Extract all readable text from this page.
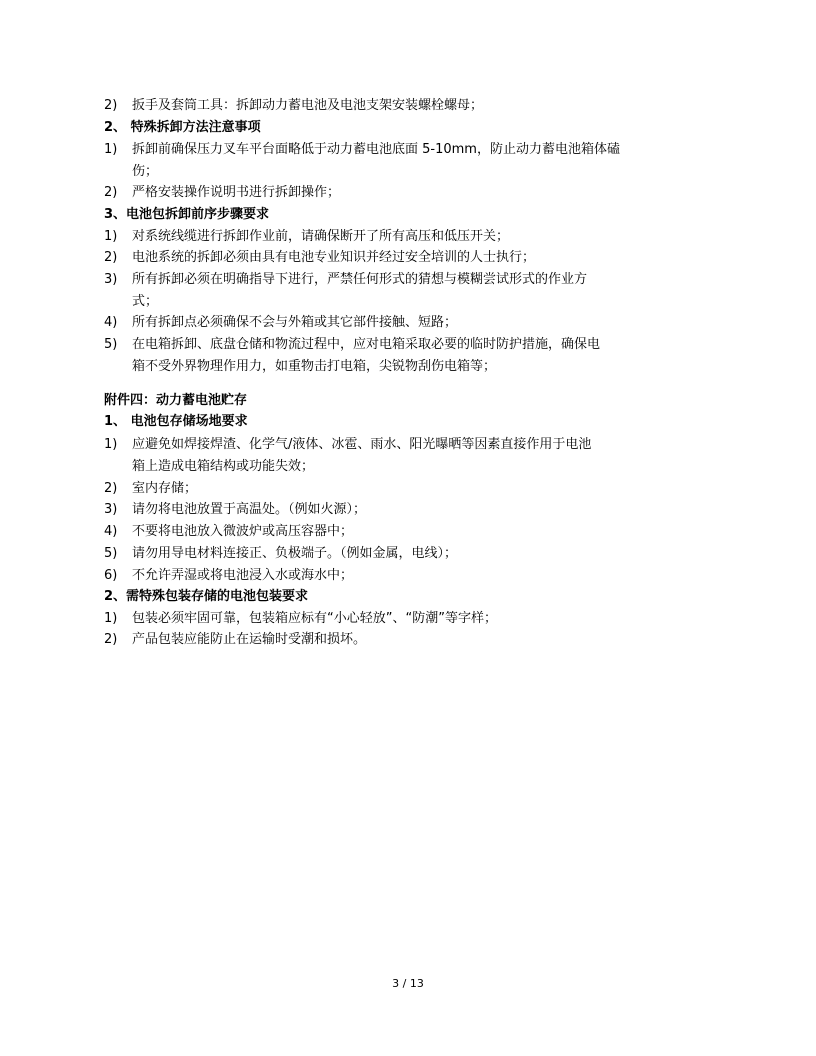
2) 扳手及套筒工具：拆卸动力蓄电池及电池支架安装螺栓螺母；
2、 特殊拆卸方法注意事项
1) 拆卸前确保压力叉车平台面略低于动力蓄电池底面 5-10mm，防止动力蓄电池箱体磕
伤；
2) 严格安装操作说明书进行拆卸操作；
3、电池包拆卸前序步骤要求
1) 对系统线缆进行拆卸作业前，请确保断开了所有高压和低压开关；
2) 电池系统的拆卸必须由具有电池专业知识并经过安全培训的人士执行；
3) 所有拆卸必须在明确指导下进行，严禁任何形式的猜想与模糊尝试形式的作业方
式；
4) 所有拆卸点必须确保不会与外箱或其它部件接触、短路；
5) 在电箱拆卸、底盘仓储和物流过程中，应对电箱采取必要的临时防护措施，确保电
箱不受外界物理作用力，如重物击打电箱，尖锐物刮伤电箱等；
附件四：动力蓄电池贮存
1、 电池包存储场地要求
1) 应避免如焊接焊渣、化学气/液体、冰雹、雨水、阳光曝晒等因素直接作用于电池
箱上造成电箱结构或功能失效；
2) 室内存储；
3) 请勿将电池放置于高温处。（例如火源）；
4) 不要将电池放入微波炉或高压容器中；
5) 请勿用导电材料连接正、负极端子。（例如金属，电线）；
6) 不允许弄湿或将电池浸入水或海水中；
2、需特殊包装存储的电池包装要求
1) 包装必须牢固可靠，包装箱应标有“小心轻放”、“防潮”等字样；
2) 产品包装应能防止在运输时受潮和损坏。
3 / 13
